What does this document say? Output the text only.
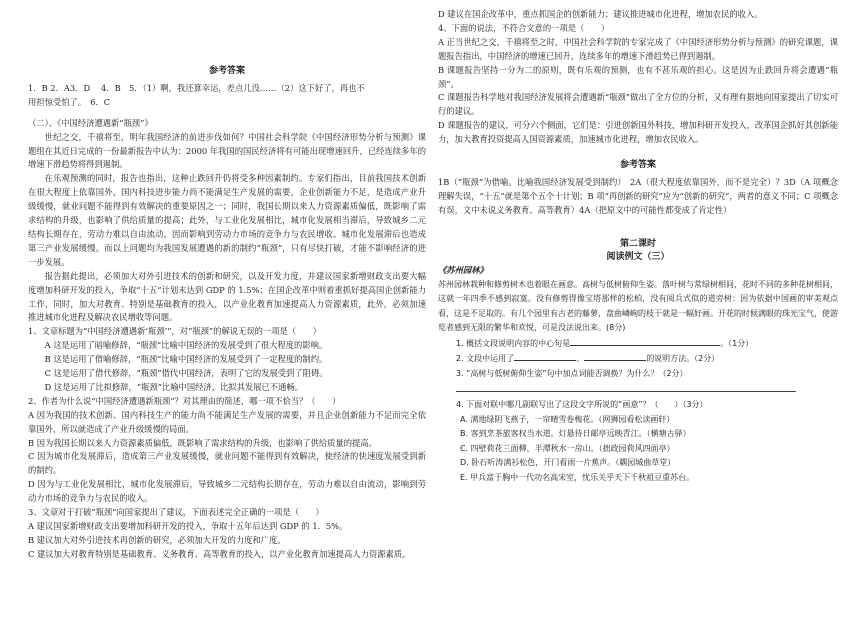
参考答案

1．B 2．A3．D　 4．B　5．（1）啊，我还算幸运，差点儿没……（2）这下好了，再也不

用担惊受怕了。　6．C

（二）、《中国经济遭遇新“瓶颈”》

世纪之交，千禧将至，明年我国经济的前进步伐如何？中国社会科学院《中国经济形势分析与预测》课题组在其近日完成的一份最新报告中认为：2000 年我国的国民经济将有可能出现增速回升，已经连续多年的增速下滑趋势将得到遏制。

在乐观预测的同时，报告也指出，这种止跌回升仍将受多种因素制约。专家们指出，目前我国技术创新在很大程度上依靠国外，国内科技进步能力尚不能满足生产发展的需要，企业创新能力不足，是造成产业升级缓慢，就业问题不能得到有效解决的重要原因之一；同时，我国长期以来人力资源素质偏低，既影响了需求结构的升级，也影响了供给质量的提高；此外，与工业化发展相比，城市化发展相当滞后，导致城乡二元结构长期存在，劳动力难以自由流动，因而影响到劳动力市场的竞争力与农民增收。城市化发展滞后也造成第三产业发展缓慢。而以上问题均为我国发展遭遇的新的制约“瓶颈”，只有尽快打破，才能不影响经济的进一步发展。

报告据此提出，必须加大对外引进技术的创新和研究，以及开发力度，并建议国家新增财政支出要大幅度增加科研开发的投入，争取“十五”计划末达到 GDP 的 1.5%；在国企改革中则着重抓好提高国企创新能力工作，同时，加大对教育、特别是基础教育的投入，以产业化教育加速提高人力资源素质，此外，必须加速推进城市化进程及解决农民增收等问题。

1、文章标题为“中国经济遭遇新‘瓶颈’”，对“瓶颈”的解说无误的一项是（　　）

A 这是运用了暗喻修辞，“瓶颈”比喻中国经济的发展受到了很大程度的影响。

B 这是运用了借喻修辞，“瓶颈”比喻中国经济的发展受到了一定程度的制约。

C 这是运用了借代修辞，“瓶颈”借代中国经济，表明了它的发展受到了阻碍。

D 这是运用了比拟修辞，“瓶颈”比喻中国经济，比拟其发展已不通畅。

2、作者为什么说“中国经济遭遇新瓶颈”？对其理由的简述，哪一项不恰当？（　　）

A 因为我国的技术创新、国内科技生产的能力尚不能满足生产发展的需要，并且企业创新能力不足而完全依靠国外，所以就造成了产业升级缓慢的局面。

B 因为我国长期以来人力资源素质偏低，既影响了需求结构的升级，也影响了供给质量的提高。

C 因为城市化发展滞后，造成第三产业发展缓慢，就业问题不能得到有效解决，使经济的快速度发展受到新的制约。

D 因为与工业化发展相比，城市化发展滞后，导致城乡二元结构长期存在，劳动力难以自由流动，影响到劳动力市场的竞争力与农民的收入。

3、文章对于打破“瓶颈”向国家提出了建议，下面表述完全正确的一项是（　　）

A 建议国家新增财政支出要增加科研开发的投入，争取十五年后达到 GDP 的 1．5%。

B 建议加大对外引进技术再创新的研究，必须加大开发的力度和广度。

C 建议加大对教育特别是基础教育、义务教育、高等教育的投入，以产业化教育加速提高人力资源素质。

D 建议在国企改革中，重点抓国企的创新能力；建议推进城市化进程，增加农民的收入。

4、下面的说法，不符合文意的一项是（　　）

A 正当世纪之交，千禧将至之时，中国社会科学院的专家完成了《中国经济形势分析与预测》的研究课题，课题报告指出，中国经济的增速已回升，连续多年的增速下滑趋势已得到遏制。

B 课题报告坚持一分为二的原则，既有乐观的预测，也有不甚乐观的担心。这是因为止跌回升将会遭遇“瓶颈”。

C 课题报告科学地对我国经济发展将会遭遇新“瓶颈”做出了全方位的分析，又有理有据地向国家提出了切实可行的建议。

D 课题报告的建议，可分六个侧面，它们是：引进创新国外科技，增加科研开发投入，改革国企抓好其创新能力，加大教育投资提高人国资源素质，加速城市化进程，增加农民收入。

参考答案

1B（“瓶颈”为借喻。比喻我国经济发展受到制约）　2A（很大程度依靠国外，而不是完全）？3D（A 项概念理解失误，“十五”就是第个五个十计划；B 项“再创新的研究”应为“创新的研究”，两者的意义不同；C 项概念有误，文中未说义务教育、高等教育）4A（把原文中的可能性都变成了肯定性）

第二课时

阅读例文（三）

《苏州园林》

苏州园林栽种和修剪树木也着眼在画意。高树与低树俯仰生姿。落叶树与常绿树相间，花时不同的多种花树相间，这就一年四季不感到寂寞。没有修剪得像宝塔那样的松柏，没有阅兵式似的道旁树：因为依据中国画的审美观点看，这是不足取的。有几个园里有古老的藤萝，盘曲嶙峋的枝干就是一幅好画。开花的时候满眼的珠光宝气，使游览者感到无限的繁华和欢悦，可是没法说出来。(8分)

1. 概括文段说明内容的中心句是	。（1分）

2. 文段中运用了	、	的说明方法。（2分）

3. “高树与低树俯仰生姿”句中加点词能否调换？为什么？（2分）

4. 下面对联中哪几副联写出了这段文字所说的“画意”？（　　）（3分）

A. 满地绿阴飞燕子，一帘晴雪卷梅花。（网狮园看松读画轩）

B. 客到烹茶旅客权当水道，灯悬待日邮亭远映青江。（横塘古驿）

C. 四壁荷花三面柳，半潭秋水一房山。（拙政园荷风四面亭）

D. 卧石听涛满衫松色，开门看雨一片蕉声。（耦园城曲草堂）

E. 甲兵富于胸中一代功名高宋室，忧乐关乎天下千秋祖豆重苏台。
